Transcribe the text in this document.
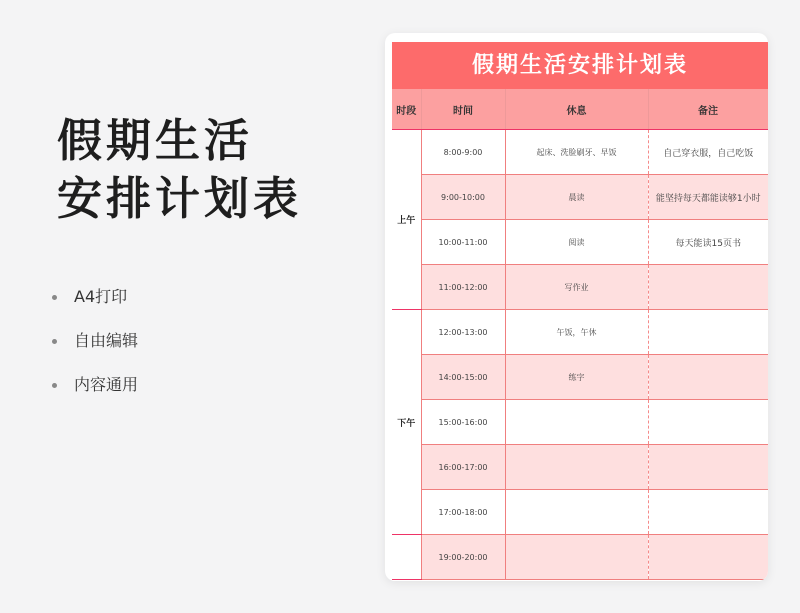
假期生活
安排计划表
A4打印
自由编辑
内容通用
假期生活安排计划表
时段	时间	休息	备注
上午	8:00-9:00	起床、洗脸刷牙、早饭	自己穿衣服，自己吃饭
	9:00-10:00	晨读	能坚持每天都能读够1小时
	10:00-11:00	阅读	每天能读15页书
	11:00-12:00	写作业	
下午	12:00-13:00	午饭，午休	
	14:00-15:00	练字	
	15:00-16:00		
	16:00-17:00		
	17:00-18:00		
	19:00-20:00		
